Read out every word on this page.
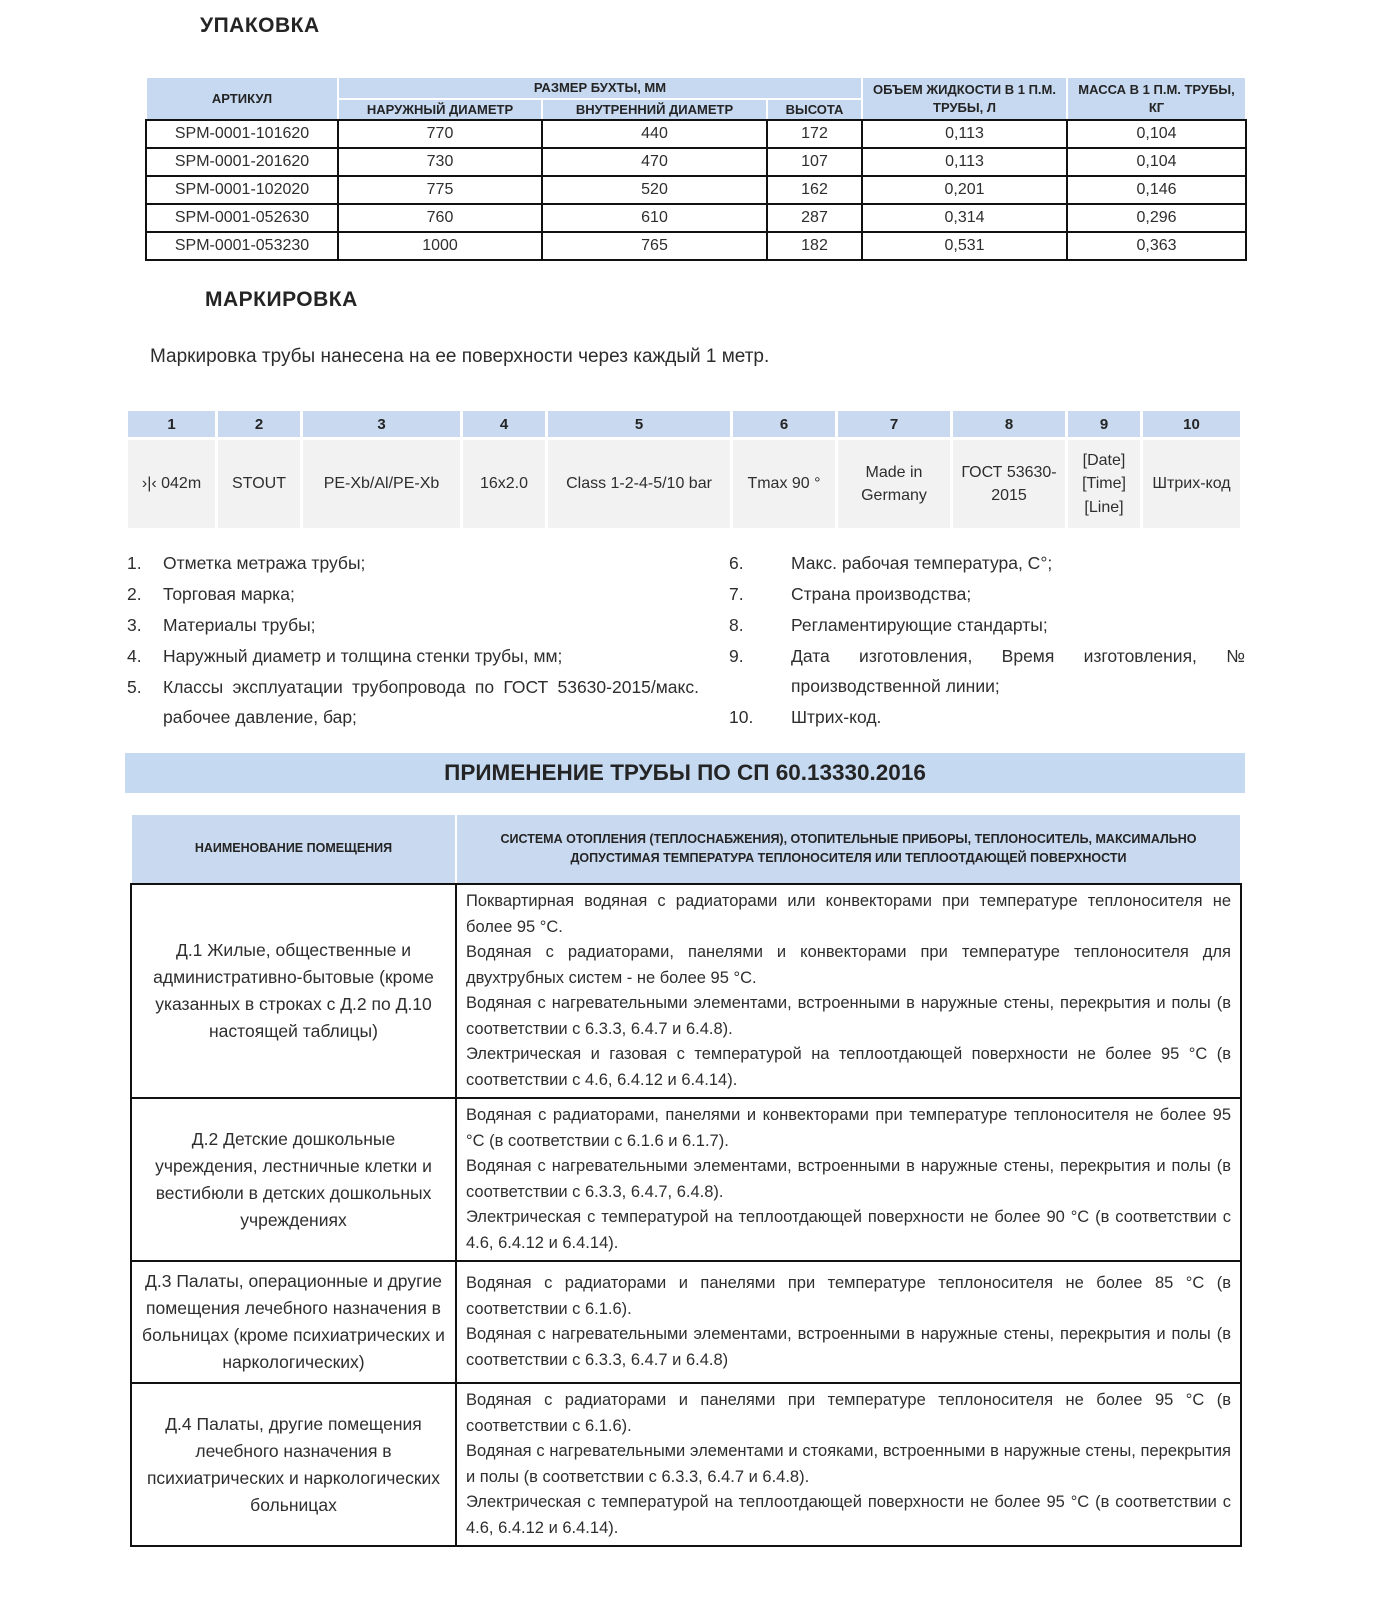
УПАКОВКА
АРТИКУЛ	РАЗМЕР БУХТЫ, ММ			ОБЪЕМ ЖИДКОСТИ В 1 П.М. ТРУБЫ, Л	МАССА В 1 П.М. ТРУБЫ, КГ
	НАРУЖНЫЙ ДИАМЕТР	ВНУТРЕННИЙ ДИАМЕТР	ВЫСОТА		
SPM-0001-101620	770	440	172	0,113	0,104
SPM-0001-201620	730	470	107	0,113	0,104
SPM-0001-102020	775	520	162	0,201	0,146
SPM-0001-052630	760	610	287	0,314	0,296
SPM-0001-053230	1000	765	182	0,531	0,363
МАРКИРОВКА
Маркировка трубы нанесена на ее поверхности через каждый 1 метр.
1	2	3	4	5	6	7	8	9	10
›|‹ 042m	STOUT	PE-Xb/Al/PE-Xb	16x2.0	Class 1-2-4-5/10 bar	Tmax 90 °	Made in Germany	ГОСТ 53630-2015	[Date] [Time] [Line]	Штрих-код
1.	Отметка метража трубы;
2.	Торговая марка;
3.	Материалы трубы;
4.	Наружный диаметр и толщина стенки трубы, мм;
5.	Классы эксплуатации трубопровода по ГОСТ 53630-2015/макс. рабочее давление, бар;
6.	Макс. рабочая температура, С°;
7.	Страна производства;
8.	Регламентирующие стандарты;
9.	Дата изготовления, Время изготовления, № производственной линии;
10.	Штрих-код.
ПРИМЕНЕНИЕ ТРУБЫ ПО СП 60.13330.2016
НАИМЕНОВАНИЕ ПОМЕЩЕНИЯ	СИСТЕМА ОТОПЛЕНИЯ (ТЕПЛОСНАБЖЕНИЯ), ОТОПИТЕЛЬНЫЕ ПРИБОРЫ, ТЕПЛОНОСИТЕЛЬ, МАКСИМАЛЬНО ДОПУСТИМАЯ ТЕМПЕРАТУРА ТЕПЛОНОСИТЕЛЯ ИЛИ ТЕПЛООТДАЮЩЕЙ ПОВЕРХНОСТИ
Д.1 Жилые, общественные и административно-бытовые (кроме указанных в строках с Д.2 по Д.10 настоящей таблицы)	Поквартирная водяная с радиаторами или конвекторами при температуре теплоносителя не более 95 °С.

Водяная с радиаторами, панелями и конвекторами при температуре теплоносителя для двухтрубных систем - не более 95 °С.

Водяная с нагревательными элементами, встроенными в наружные стены, перекрытия и полы (в соответствии с 6.3.3, 6.4.7 и 6.4.8).

Электрическая и газовая с температурой на теплоотдающей поверхности не более 95 °С (в соответствии с 4.6, 6.4.12 и 6.4.14).

Д.2 Детские дошкольные учреждения, лестничные клетки и вестибюли в детских дошкольных учреждениях	Водяная с радиаторами, панелями и конвекторами при температуре теплоносителя не более 95 °С (в соответствии с 6.1.6 и 6.1.7).

Водяная с нагревательными элементами, встроенными в наружные стены, перекрытия и полы (в соответствии с 6.3.3, 6.4.7, 6.4.8).

Электрическая с температурой на теплоотдающей поверхности не более 90 °С (в соответствии с 4.6, 6.4.12 и 6.4.14).

Д.3 Палаты, операционные и другие помещения лечебного назначения в больницах (кроме психиатрических и наркологических)	Водяная с радиаторами и панелями при температуре теплоносителя не более 85 °С (в соответствии с 6.1.6).

Водяная с нагревательными элементами, встроенными в наружные стены, перекрытия и полы (в соответствии с 6.3.3, 6.4.7 и 6.4.8)

Д.4 Палаты, другие помещения лечебного назначения в психиатрических и наркологических больницах	Водяная с радиаторами и панелями при температуре теплоносителя не более 95 °С (в соответствии с 6.1.6).

Водяная с нагревательными элементами и стояками, встроенными в наружные стены, перекрытия и полы (в соответствии с 6.3.3, 6.4.7 и 6.4.8).

Электрическая с температурой на теплоотдающей поверхности не более 95 °С (в соответствии с 4.6, 6.4.12 и 6.4.14).
